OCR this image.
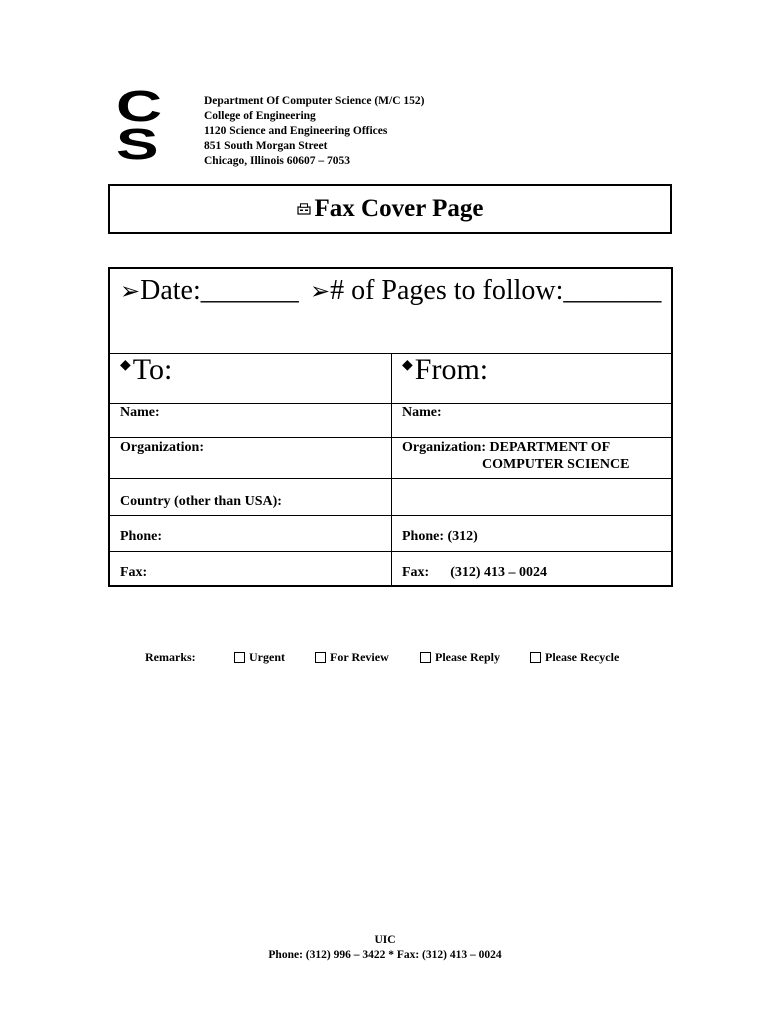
C
S
Department Of Computer Science (M/C 152)
College of Engineering
1120 Science and Engineering Offices
851 South Morgan Street
Chicago, Illinois 60607 – 7053
Fax Cover Page
➢Date:_______ ➢# of Pages to follow:_______
◆To:	◆From:
Name:	Name:
Organization:	Organization: DEPARTMENT OF
COMPUTER SCIENCE
Country (other than USA):
Phone:	Phone: (312)
Fax:	Fax:      (312) 413 – 0024
Remarks:	Urgent	For Review	Please Reply	Please Recycle
UIC
Phone: (312) 996 – 3422 * Fax: (312) 413 – 0024
